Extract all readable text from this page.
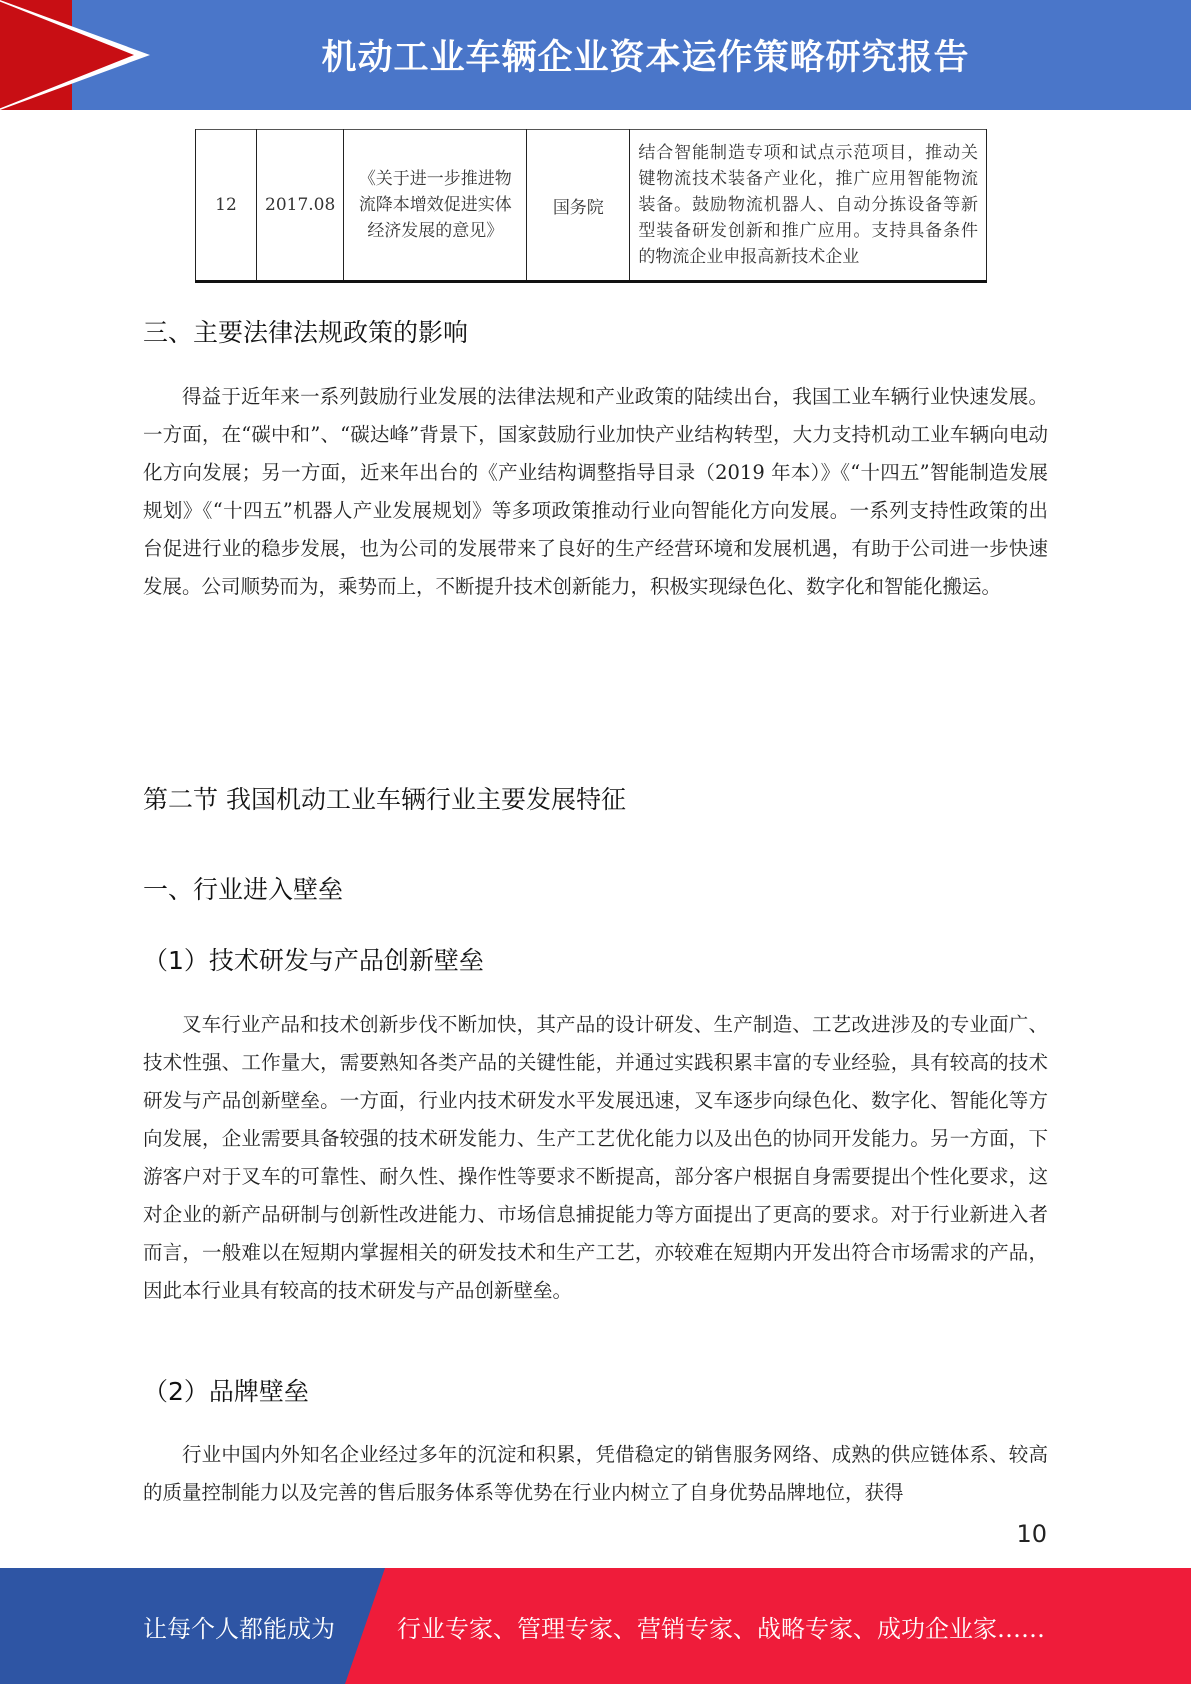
机动工业车辆企业资本运作策略研究报告
12	2017.08	《关于进一步推进物流降本增效促进实体经济发展的意见》	国务院	结合智能制造专项和试点示范项目，推动关键物流技术装备产业化，推广应用智能物流装备。鼓励物流机器人、自动分拣设备等新型装备研发创新和推广应用。支持具备条件的物流企业申报高新技术企业
三、主要法律法规政策的影响

得益于近年来一系列鼓励行业发展的法律法规和产业政策的陆续出台，我国工业车辆行业快速发展。一方面，在“碳中和”、“碳达峰”背景下，国家鼓励行业加快产业结构转型，大力支持机动工业车辆向电动化方向发展；另一方面，近来年出台的《产业结构调整指导目录（2019 年本）》《“十四五”智能制造发展规划》《“十四五”机器人产业发展规划》等多项政策推动行业向智能化方向发展。一系列支持性政策的出台促进行业的稳步发展，也为公司的发展带来了良好的生产经营环境和发展机遇，有助于公司进一步快速发展。公司顺势而为，乘势而上，不断提升技术创新能力，积极实现绿色化、数字化和智能化搬运。

第二节 我国机动工业车辆行业主要发展特征
一、行业进入壁垒
（1）技术研发与产品创新壁垒

叉车行业产品和技术创新步伐不断加快，其产品的设计研发、生产制造、工艺改进涉及的专业面广、技术性强、工作量大，需要熟知各类产品的关键性能，并通过实践积累丰富的专业经验，具有较高的技术研发与产品创新壁垒。一方面，行业内技术研发水平发展迅速，叉车逐步向绿色化、数字化、智能化等方向发展，企业需要具备较强的技术研发能力、生产工艺优化能力以及出色的协同开发能力。另一方面，下游客户对于叉车的可靠性、耐久性、操作性等要求不断提高，部分客户根据自身需要提出个性化要求，这对企业的新产品研制与创新性改进能力、市场信息捕捉能力等方面提出了更高的要求。对于行业新进入者而言，一般难以在短期内掌握相关的研发技术和生产工艺，亦较难在短期内开发出符合市场需求的产品，因此本行业具有较高的技术研发与产品创新壁垒。

（2）品牌壁垒

行业中国内外知名企业经过多年的沉淀和积累，凭借稳定的销售服务网络、成熟的供应链体系、较高的质量控制能力以及完善的售后服务体系等优势在行业内树立了自身优势品牌地位，获得

10
让每个人都能成为	行业专家、管理专家、营销专家、战略专家、成功企业家……
